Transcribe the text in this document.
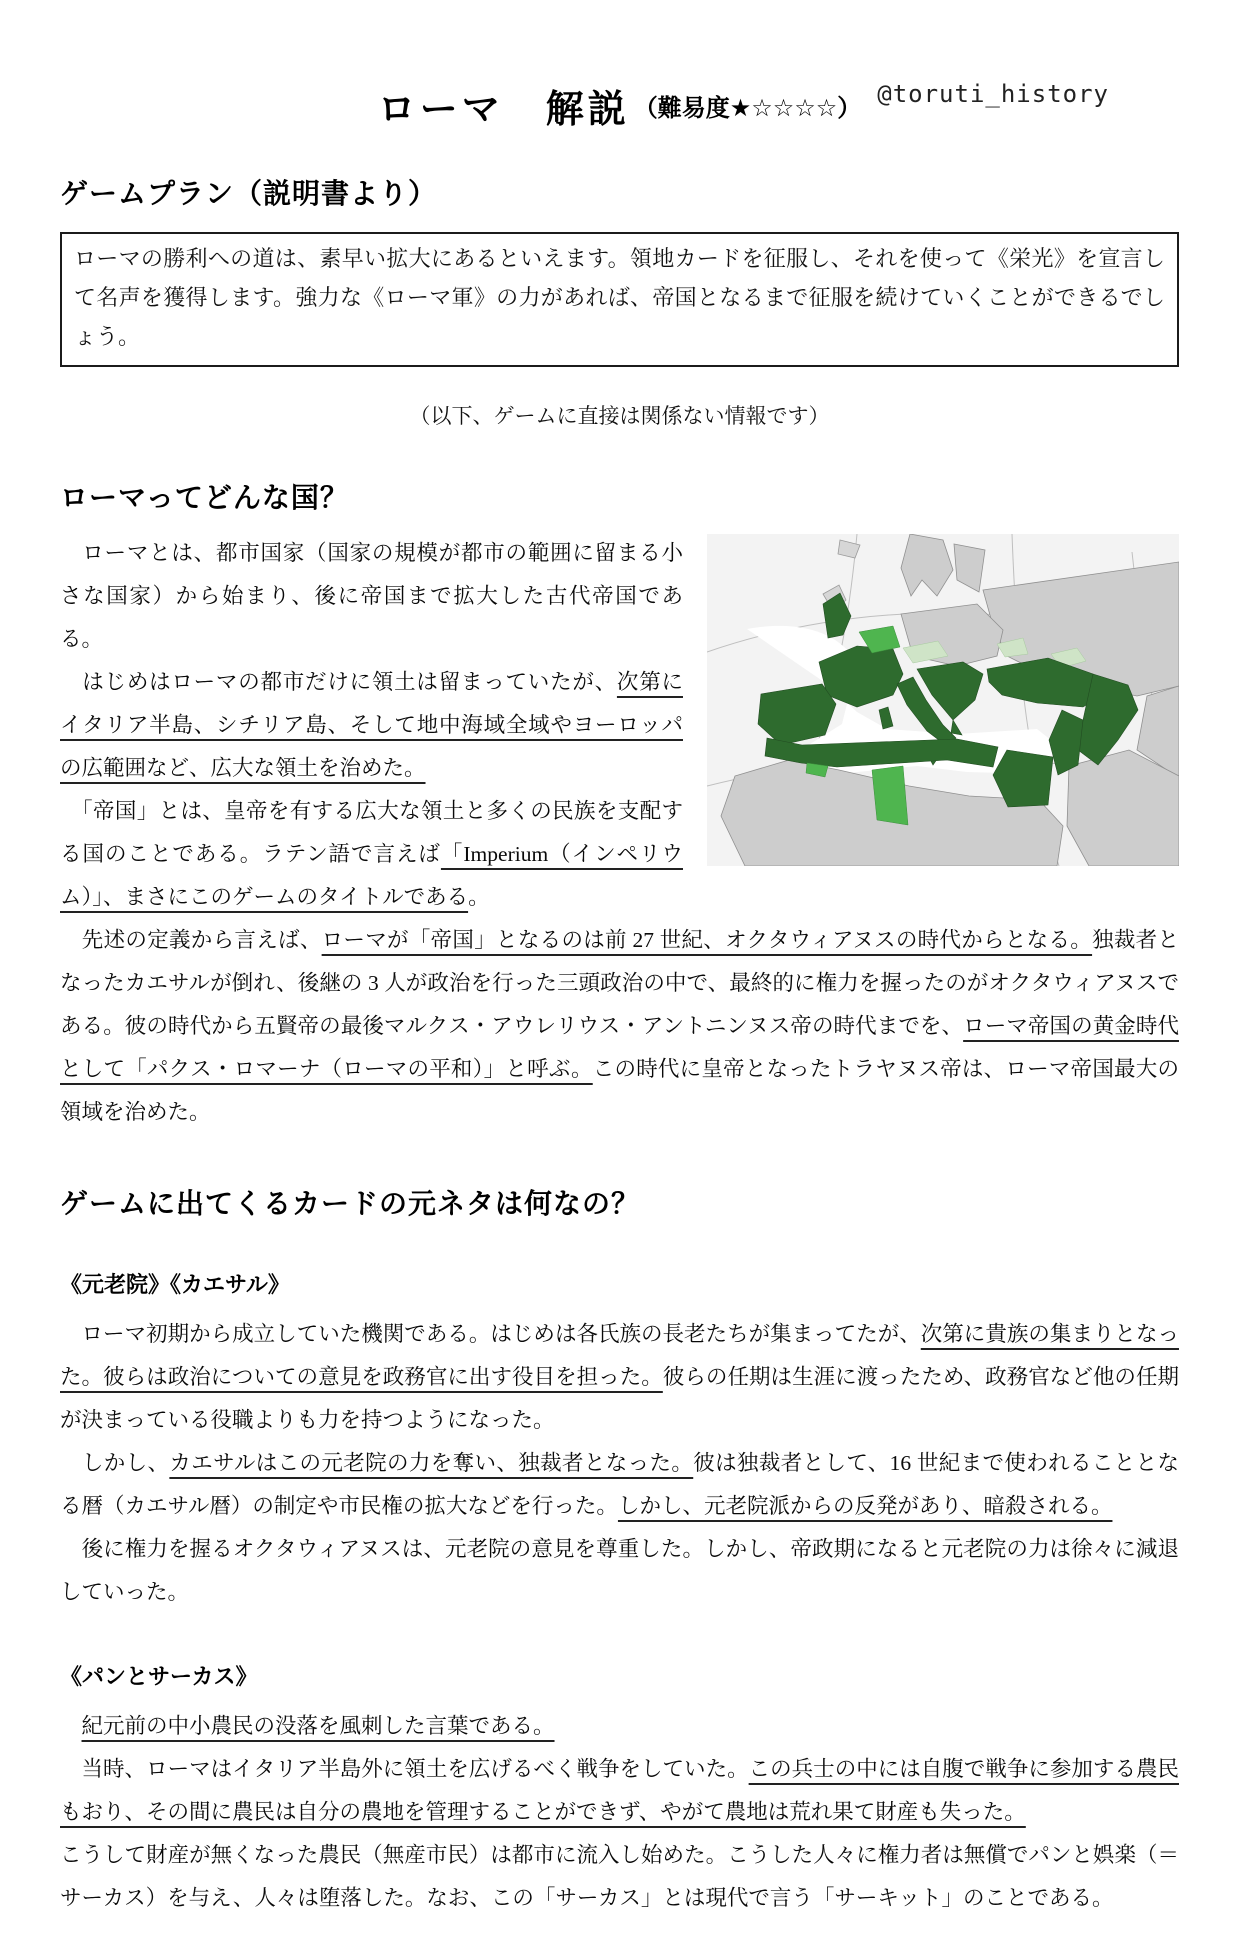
ローマ　解説 （難易度★☆☆☆☆）
@toruti_history
ゲームプラン（説明書より）

ローマの勝利への道は、素早い拡大にあるといえます。領地カードを征服し、それを使って《栄光》を宣言して名声を獲得します。強力な《ローマ軍》の力があれば、帝国となるまで征服を続けていくことができるでしょう。

（以下、ゲームに直接は関係ない情報です）

ローマってどんな国？

　ローマとは、都市国家（国家の規模が都市の範囲に留まる小さな国家）から始まり、後に帝国まで拡大した古代帝国である。

　はじめはローマの都市だけに領土は留まっていたが、次第にイタリア半島、シチリア島、そして地中海域全域やヨーロッパの広範囲など、広大な領土を治めた。

　「帝国」とは、皇帝を有する広大な領土と多くの民族を支配する国のことである。ラテン語で言えば「Imperium（インペリウム）」、まさにこのゲームのタイトルである。

　先述の定義から言えば、ローマが「帝国」となるのは前 27 世紀、オクタウィアヌスの時代からとなる。独裁者となったカエサルが倒れ、後継の 3 人が政治を行った三頭政治の中で、最終的に権力を握ったのがオクタウィアヌスである。彼の時代から五賢帝の最後マルクス・アウレリウス・アントニンヌス帝の時代までを、ローマ帝国の黄金時代として「パクス・ロマーナ（ローマの平和）」と呼ぶ。この時代に皇帝となったトラヤヌス帝は、ローマ帝国最大の領域を治めた。

ゲームに出てくるカードの元ネタは何なの？
《元老院》《カエサル》

　ローマ初期から成立していた機関である。はじめは各氏族の長老たちが集まってたが、次第に貴族の集まりとなった。彼らは政治についての意見を政務官に出す役目を担った。彼らの任期は生涯に渡ったため、政務官など他の任期が決まっている役職よりも力を持つようになった。

　しかし、カエサルはこの元老院の力を奪い、独裁者となった。彼は独裁者として、16 世紀まで使われることとなる暦（カエサル暦）の制定や市民権の拡大などを行った。しかし、元老院派からの反発があり、暗殺される。

　後に権力を握るオクタウィアヌスは、元老院の意見を尊重した。しかし、帝政期になると元老院の力は徐々に減退していった。

《パンとサーカス》

　紀元前の中小農民の没落を風刺した言葉である。

　当時、ローマはイタリア半島外に領土を広げるべく戦争をしていた。この兵士の中には自腹で戦争に参加する農民もおり、その間に農民は自分の農地を管理することができず、やがて農地は荒れ果て財産も失った。

こうして財産が無くなった農民（無産市民）は都市に流入し始めた。こうした人々に権力者は無償でパンと娯楽（＝サーカス）を与え、人々は堕落した。なお、この「サーカス」とは現代で言う「サーキット」のことである。
